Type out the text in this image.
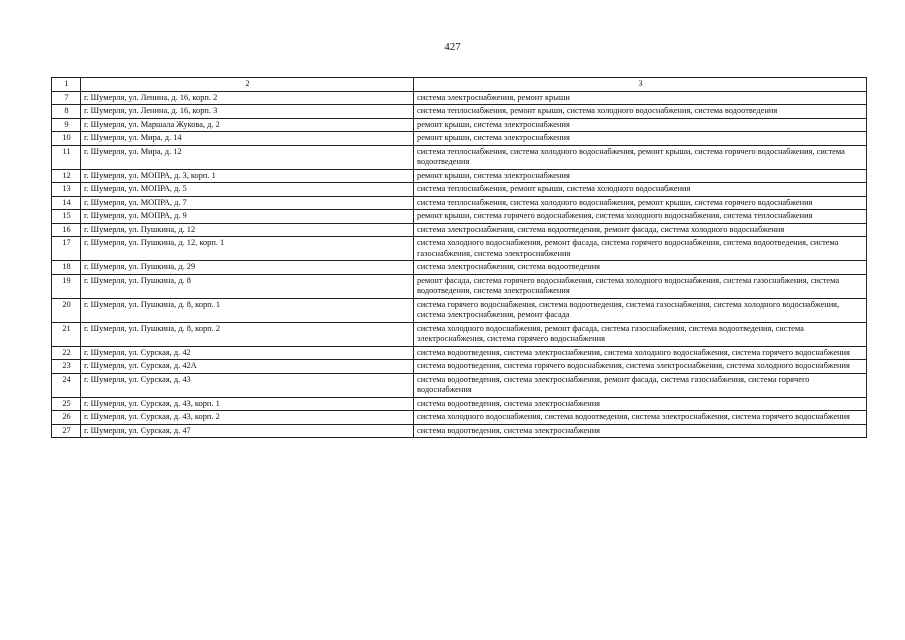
427
1	2	3
7	г. Шумерля, ул. Ленина, д. 16, корп. 2	система электроснабжения, ремонт крыши
8	г. Шумерля, ул. Ленина, д. 16, корп. 3	система теплоснабжения, ремонт крыши, система холодного водоснабжения, система водоотведения
9	г. Шумерля, ул. Маршала Жукова, д. 2	ремонт крыши, система электроснабжения
10	г. Шумерля, ул. Мира, д. 14	ремонт крыши, система электроснабжения
11	г. Шумерля, ул. Мира, д. 12	система теплоснабжения, система холодного водоснабжения, ремонт крыши, система горячего водоснабжения, система водоотведения
12	г. Шумерля, ул. МОПРА, д. 3, корп. 1	ремонт крыши, система электроснабжения
13	г. Шумерля, ул. МОПРА, д. 5	система теплоснабжения, ремонт крыши, система холодного водоснабжения
14	г. Шумерля, ул. МОПРА, д. 7	система теплоснабжения, система холодного водоснабжения, ремонт крыши, система горячего водоснабжения
15	г. Шумерля, ул. МОПРА, д. 9	ремонт крыши, система горячего водоснабжения, система холодного водоснабжения, система теплоснабжения
16	г. Шумерля, ул. Пушкина, д. 12	система электроснабжения, система водоотведения, ремонт фасада, система холодного водоснабжения
17	г. Шумерля, ул. Пушкина, д. 12, корп. 1	система холодного водоснабжения, ремонт фасада, система горячего водоснабжения, система водоотведения, система газоснабжения, система электроснабжения
18	г. Шумерля, ул. Пушкина, д. 29	система электроснабжения, система водоотведения
19	г. Шумерля, ул. Пушкина, д. 8	ремонт фасада, система горячего водоснабжения, система холодного водоснабжения, система газоснабжения, система водоотведения, система электроснабжения
20	г. Шумерля, ул. Пушкина, д. 8, корп. 1	система горячего водоснабжения, система водоотведения, система газоснабжения, система холодного водоснабжения, система электроснабжения, ремонт фасада
21	г. Шумерля, ул. Пушкина, д. 8, корп. 2	система холодного водоснабжения, ремонт фасада, система газоснабжения, система водоотведения, система электроснабжения, система горячего водоснабжения
22	г. Шумерля, ул. Сурская, д. 42	система водоотведения, система электроснабжения, система холодного водоснабжения, система горячего водоснабжения
23	г. Шумерля, ул. Сурская, д. 42А	система водоотведения, система горячего водоснабжения, система электроснабжения, система холодного водоснабжения
24	г. Шумерля, ул. Сурская, д. 43	система водоотведения, система электроснабжения, ремонт фасада, система газоснабжения, система горячего водоснабжения
25	г. Шумерля, ул. Сурская, д. 43, корп. 1	система водоотведения, система электроснабжения
26	г. Шумерля, ул. Сурская, д. 43, корп. 2	система холодного водоснабжения, система водоотведения, система электроснабжения, система горячего водоснабжения
27	г. Шумерля, ул. Сурская, д. 47	система водоотведения, система электроснабжения
